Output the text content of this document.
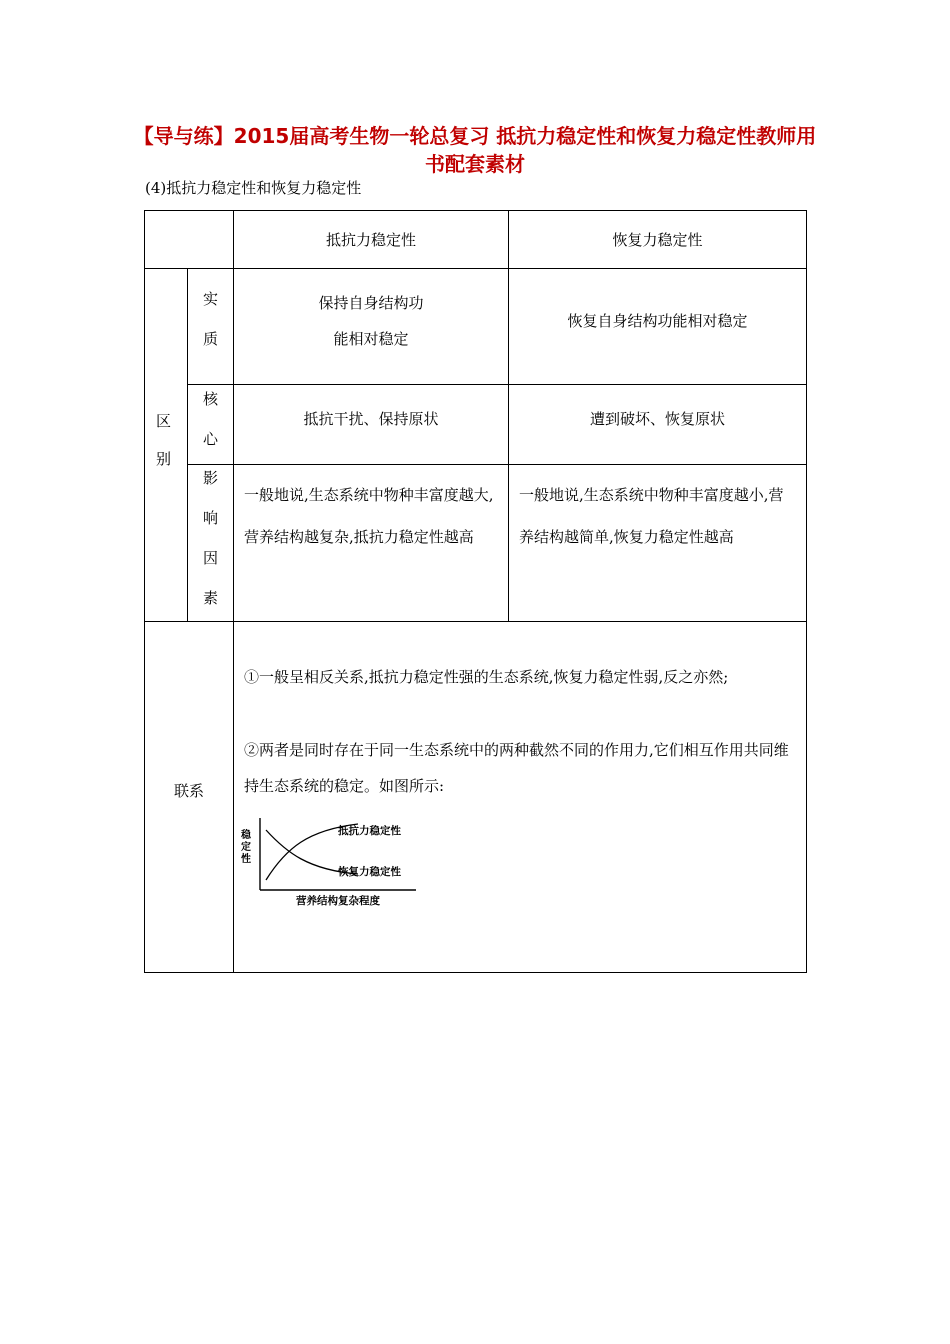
【导与练】2015届高考生物一轮总复习 抵抗力稳定性和恢复力稳定性教师用书配套素材
(4)抵抗力稳定性和恢复力稳定性
抵抗力稳定性	恢复力稳定性
区别
实
质
保持自身结构功
能相对稳定
恢复自身结构功能相对稳定
核
心
抵抗干扰、保持原状	遭到破坏、恢复原状
影
响
因
素
一般地说,生态系统中物种丰富度越大,营养结构越复杂,抵抗力稳定性越高
一般地说,生态系统中物种丰富度越小,营养结构越简单,恢复力稳定性越高
联系
①一般呈相反关系,抵抗力稳定性强的生态系统,恢复力稳定性弱,反之亦然;
②两者是同时存在于同一生态系统中的两种截然不同的作用力,它们相互作用共同维持生态系统的稳定。如图所示:
稳 定 性
抵抗力稳定性
恢复力稳定性
营养结构复杂程度
